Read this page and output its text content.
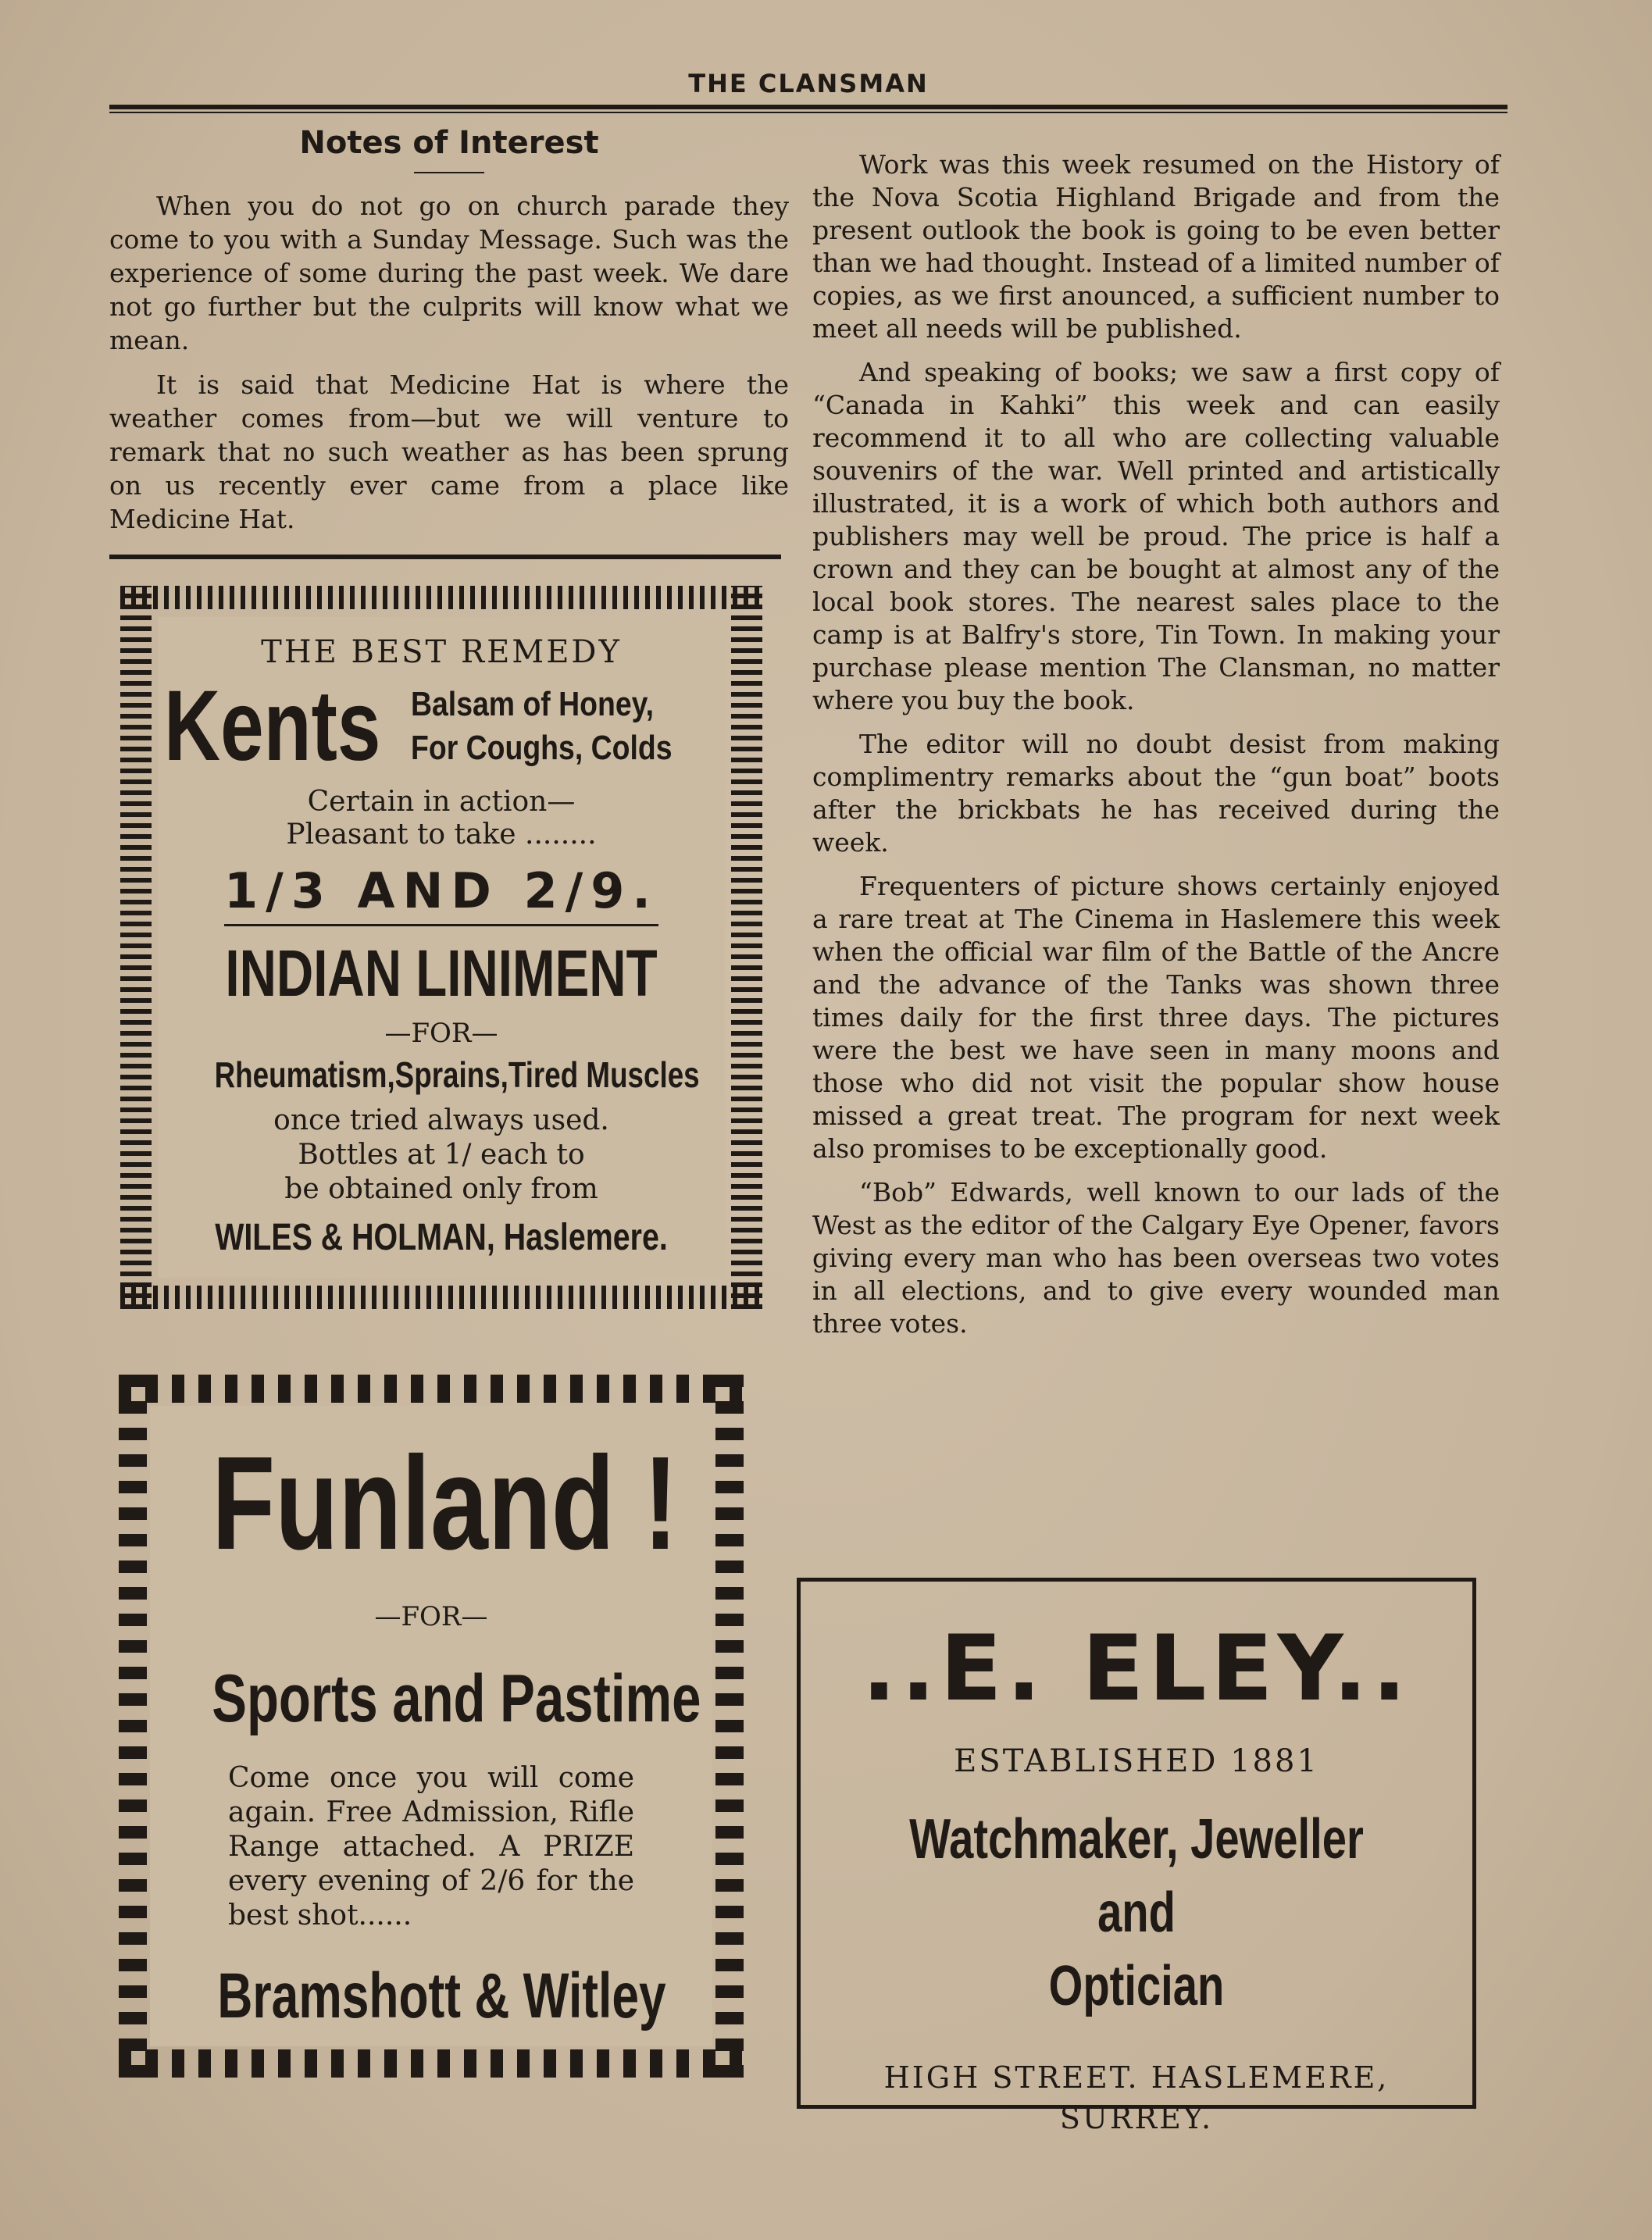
THE CLANSMAN
Notes of Interest

When you do not go on church parade they come to you with a Sunday Message. Such was the experience of some during the past week. We dare not go further but the culprits will know what we mean.

It is said that Medicine Hat is where the weather comes from—but we will venture to remark that no such weather as has been sprung on us recently ever came from a place like Medicine Hat.

THE BEST REMEDY
Kents Balsam of Honey,
For Coughs, Colds
Certain in action—
Pleasant to take ........
1/3 AND 2/9.
INDIAN LINIMENT
—FOR—
Rheumatism,Sprains,Tired Muscles
once tried always used.
Bottles at 1/ each to
be obtained only from
WILES & HOLMAN, Haslemere.
Funland !
—FOR—
Sports and Pastime
Come once you will come again. Free Admission, Rifle Range attached. A PRIZE every evening of 2/6 for the best shot......
Bramshott & Witley

Work was this week resumed on the History of the Nova Scotia Highland Brigade and from the present outlook the book is going to be even better than we had thought. Instead of a limited number of copies, as we first anounced, a sufficient number to meet all needs will be published.

And speaking of books; we saw a first copy of “Canada in Kahki” this week and can easily recommend it to all who are collecting valuable souvenirs of the war. Well printed and artistically illustrated, it is a work of which both authors and publishers may well be proud. The price is half a crown and they can be bought at almost any of the local book stores. The nearest sales place to the camp is at Balfry's store, Tin Town. In making your purchase please mention The Clansman, no matter where you buy the book.

The editor will no doubt desist from making complimentry remarks about the “gun boat” boots after the brickbats he has received during the week.

Frequenters of picture shows certainly enjoyed a rare treat at The Cinema in Haslemere this week when the official war film of the Battle of the Ancre and the advance of the Tanks was shown three times daily for the first three days. The pictures were the best we have seen in many moons and those who did not visit the popular show house missed a great treat. The program for next week also promises to be exceptionally good.

“Bob” Edwards, well known to our lads of the West as the editor of the Calgary Eye Opener, favors giving every man who has been overseas two votes in all elections, and to give every wounded man three votes.

..E. ELEY..
ESTABLISHED 1881
Watchmaker, Jeweller and
Optician
HIGH STREET. HASLEMERE,
SURREY.
